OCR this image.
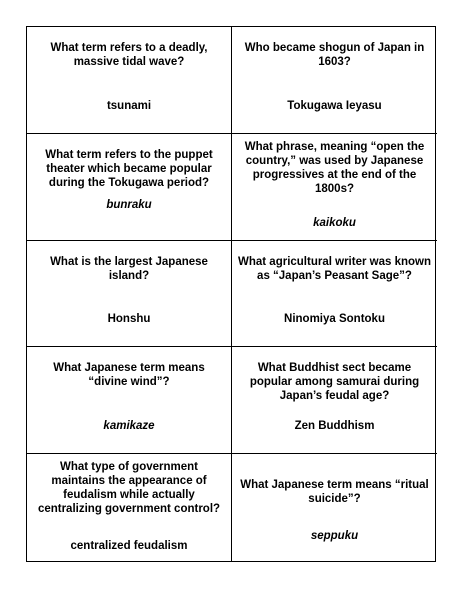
What term refers to a deadly, massive tidal wave?
tsunami
Who became shogun of Japan in 1603?
Tokugawa Ieyasu
What term refers to the puppet theater which became popular during the Tokugawa period?
bunraku
What phrase, meaning “open the country,” was used by Japanese progressives at the end of the 1800s?
kaikoku
What is the largest Japanese island?
Honshu
What agricultural writer was known as “Japan’s Peasant Sage”?
Ninomiya Sontoku
What Japanese term means “divine wind”?
kamikaze
What Buddhist sect became popular among samurai during Japan’s feudal age?
Zen Buddhism
What type of government maintains the appearance of feudalism while actually centralizing government control?
centralized feudalism
What Japanese term means “ritual suicide”?
seppuku
